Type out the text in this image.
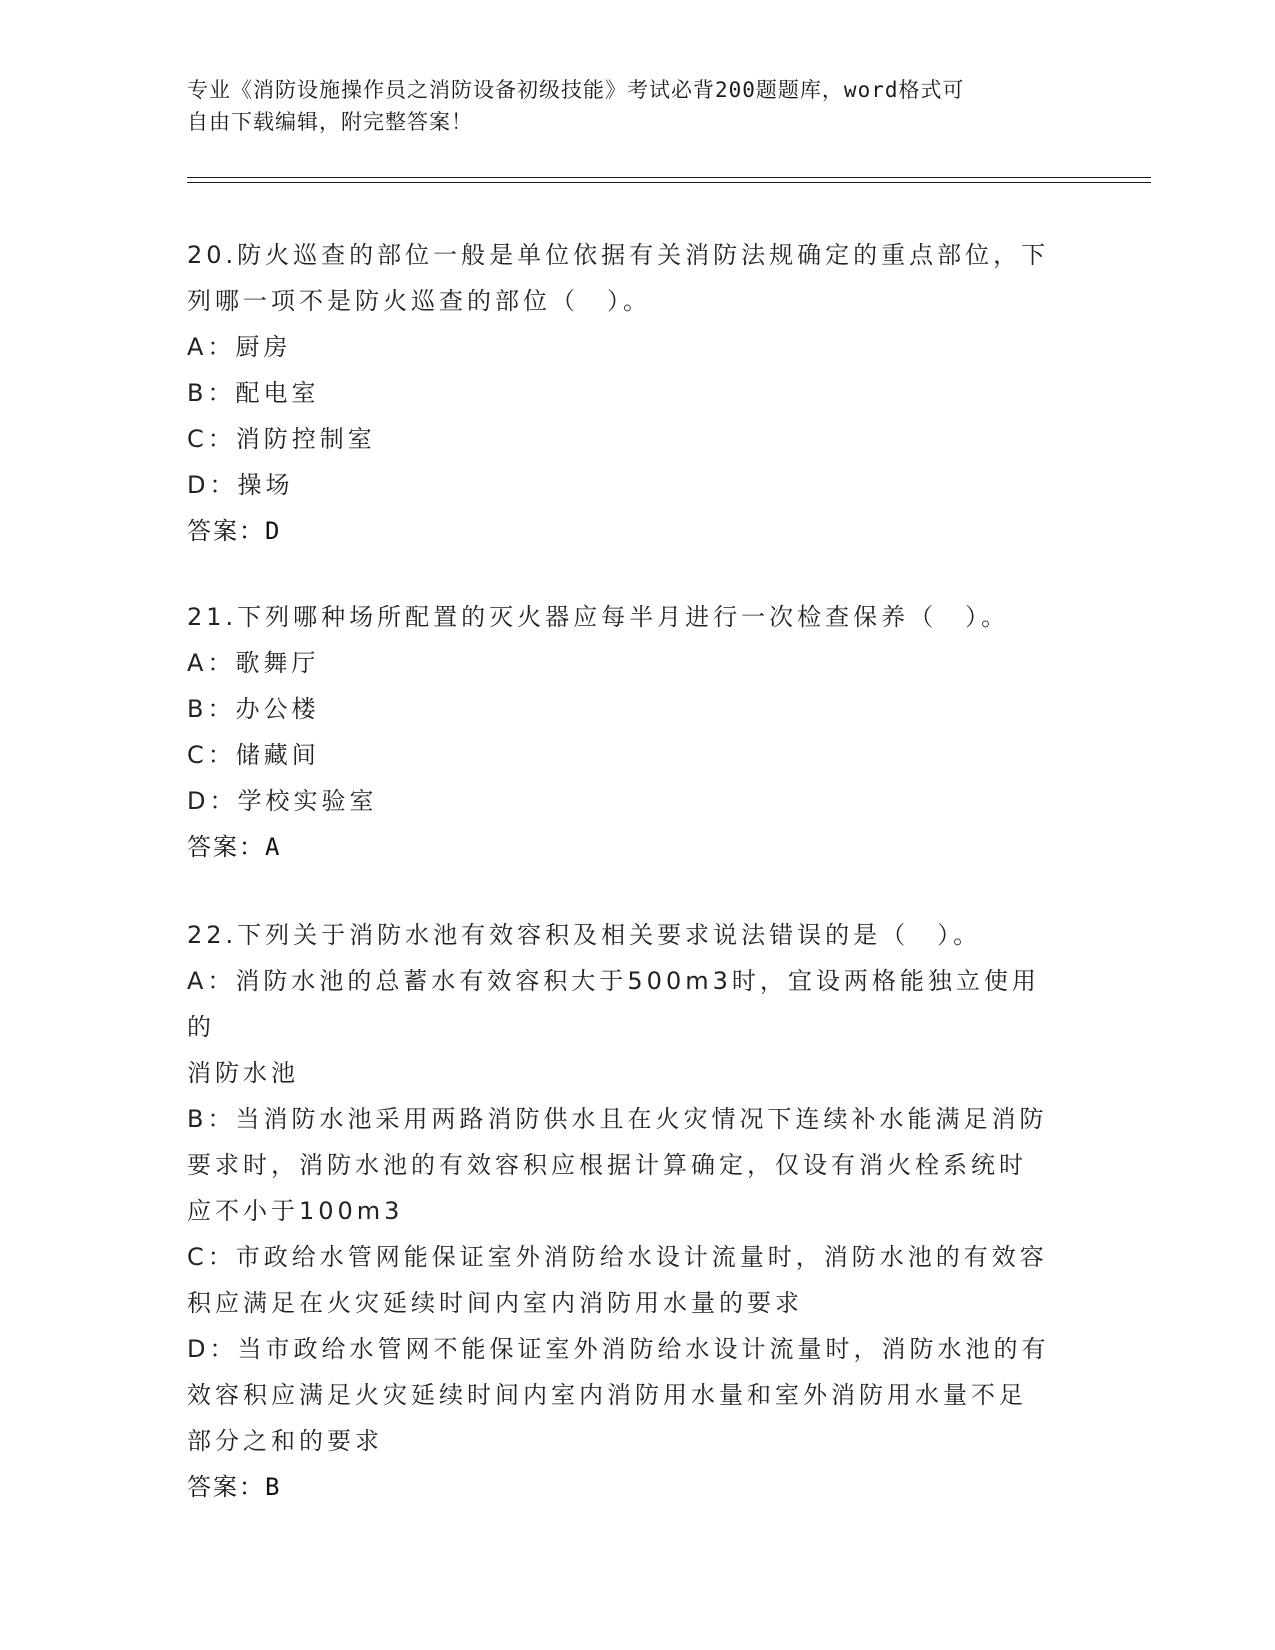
专业《消防设施操作员之消防设备初级技能》考试必背200题题库，word格式可
自由下载编辑，附完整答案！
20.防火巡查的部位一般是单位依据有关消防法规确定的重点部位，下
列哪一项不是防火巡查的部位（　）。
A：厨房
B：配电室
C：消防控制室
D：操场
答案：D
21.下列哪种场所配置的灭火器应每半月进行一次检查保养（　）。
A：歌舞厅
B：办公楼
C：储藏间
D：学校实验室
答案：A
22.下列关于消防水池有效容积及相关要求说法错误的是（　）。
A：消防水池的总蓄水有效容积大于500m3时，宜设两格能独立使用的
消防水池
B：当消防水池采用两路消防供水且在火灾情况下连续补水能满足消防
要求时，消防水池的有效容积应根据计算确定，仅设有消火栓系统时
应不小于100m3
C：市政给水管网能保证室外消防给水设计流量时，消防水池的有效容
积应满足在火灾延续时间内室内消防用水量的要求
D：当市政给水管网不能保证室外消防给水设计流量时，消防水池的有
效容积应满足火灾延续时间内室内消防用水量和室外消防用水量不足
部分之和的要求
答案：B
